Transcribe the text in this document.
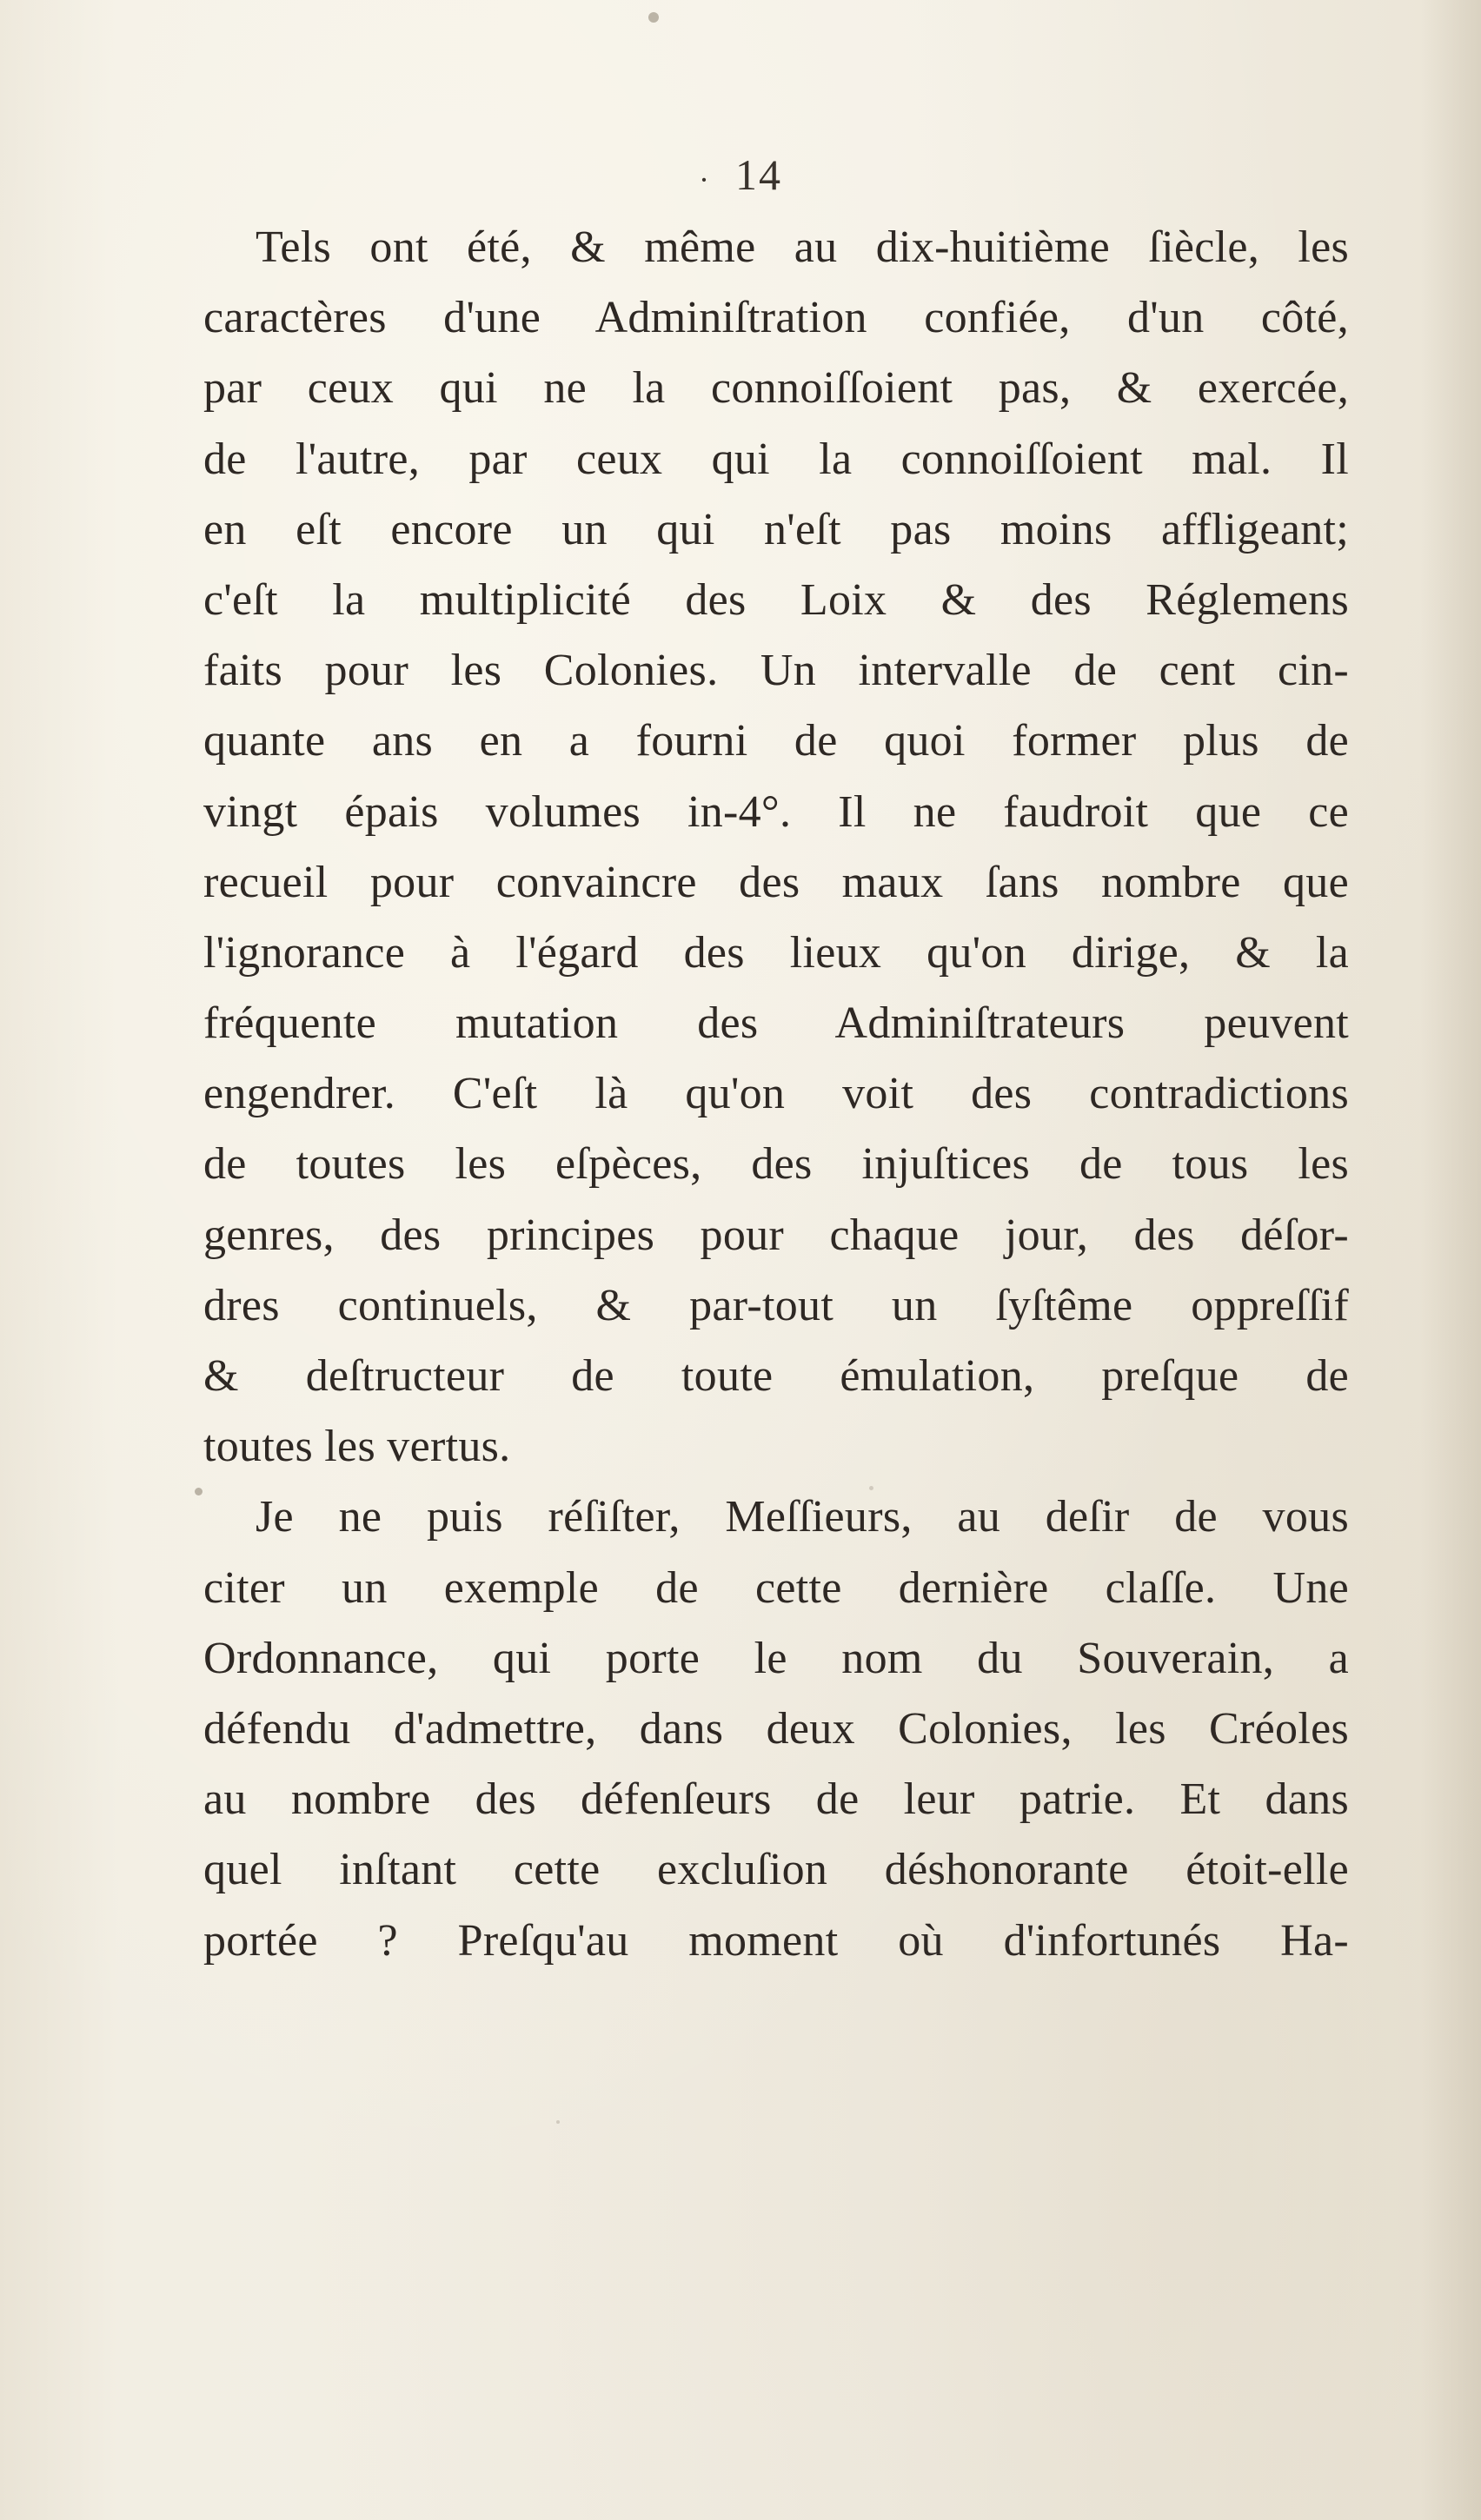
· 14
Tels ont été, & même au dix-huitième ſiècle, les
caractères d'une Adminiſtration confiée, d'un côté,
par ceux qui ne la connoiſſoient pas, & exercée,
de l'autre, par ceux qui la connoiſſoient mal. Il
en eſt encore un qui n'eſt pas moins affligeant;
c'eſt la multiplicité des Loix & des Réglemens
faits pour les Colonies. Un intervalle de cent cin-
quante ans en a fourni de quoi former plus de
vingt épais volumes in-4°. Il ne faudroit que ce
recueil pour convaincre des maux ſans nombre que
l'ignorance à l'égard des lieux qu'on dirige, & la
fréquente mutation des Adminiſtrateurs peuvent
engendrer. C'eſt là qu'on voit des contradictions
de toutes les eſpèces, des injuſtices de tous les
genres, des principes pour chaque jour, des déſor-
dres continuels, & par-tout un ſyſtême oppreſſif
& deſtructeur de toute émulation, preſque de
toutes les vertus.
Je ne puis réſiſter, Meſſieurs, au deſir de vous
citer un exemple de cette dernière claſſe. Une
Ordonnance, qui porte le nom du Souverain, a
défendu d'admettre, dans deux Colonies, les Créoles
au nombre des défenſeurs de leur patrie. Et dans
quel inſtant cette excluſion déshonorante étoit-elle
portée ? Preſqu'au moment où d'infortunés Ha-
